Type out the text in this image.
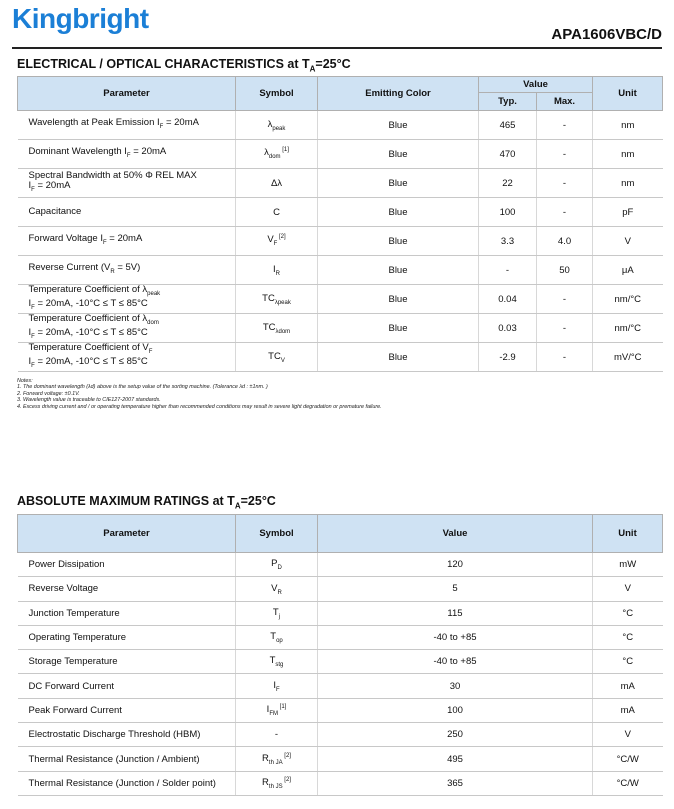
Kingbright
APA1606VBC/D
ELECTRICAL / OPTICAL CHARACTERISTICS at $T_A=25^\circ C$
Parameter	Symbol	Emitting Color	Value		Unit
			Typ.	Max.	

Wavelength at Peak Emission $I_F = 20mA$	$\lambda_{peak}$	Blue	465	-	nm

Dominant Wavelength $I_F = 20mA$	$\lambda_{dom}$ [1]	Blue	470	-	nm

Spectral Bandwidth at 50% Φ REL MAX
$I_F = 20mA$	Δλ	Blue	22	-	nm

Capacitance	C	Blue	100	-	pF

Forward Voltage $I_F = 20mA$	$V_F$ [2]	Blue	3.3	4.0	V

Reverse Current $(V_R = 5V)$	$I_R$	Blue	-	50	μA

Temperature Coefficient of $\lambda_{peak}$
$I_F = 20mA$, -10°C ≤ T ≤ 85°C	$TC_{\lambda peak}$	Blue	0.04	-	nm/°C

Temperature Coefficient of $\lambda_{dom}$
$I_F = 20mA$, -10°C ≤ T ≤ 85°C	$TC_{\lambda dom}$	Blue	0.03	-	nm/°C

Temperature Coefficient of $V_F$
$I_F = 20mA$, -10°C ≤ T ≤ 85°C	$TC_V$	Blue	-2.9	-	mV/°C
Notes:
1. The dominant wavelength (λd) above is the setup value of the sorting machine. (Tolerance λd : ±1nm. )
2. Forward voltage: ±0.1V.
3. Wavelength value is traceable to CIE127-2007 standards.
4. Excess driving current and / or operating temperature higher than recommended conditions may result in severe light degradation or premature failure.
ABSOLUTE MAXIMUM RATINGS at $T_A=25^\circ C$
Parameter	Symbol	Value	Unit
Power Dissipation	$P_D$	120	mW
Reverse Voltage	$V_R$	5	V
Junction Temperature	$T_j$	115	°C
Operating Temperature	$T_{op}$	-40 to +85	°C
Storage Temperature	$T_{stg}$	-40 to +85	°C
DC Forward Current	$I_F$	30	mA
Peak Forward Current	$I_{FM}$ [1]	100	mA
Electrostatic Discharge Threshold (HBM)	-	250	V
Thermal Resistance (Junction / Ambient)	$R_{th JA}$ [2]	495	°C/W
Thermal Resistance (Junction / Solder point)	$R_{th JS}$ [2]	365	°C/W
